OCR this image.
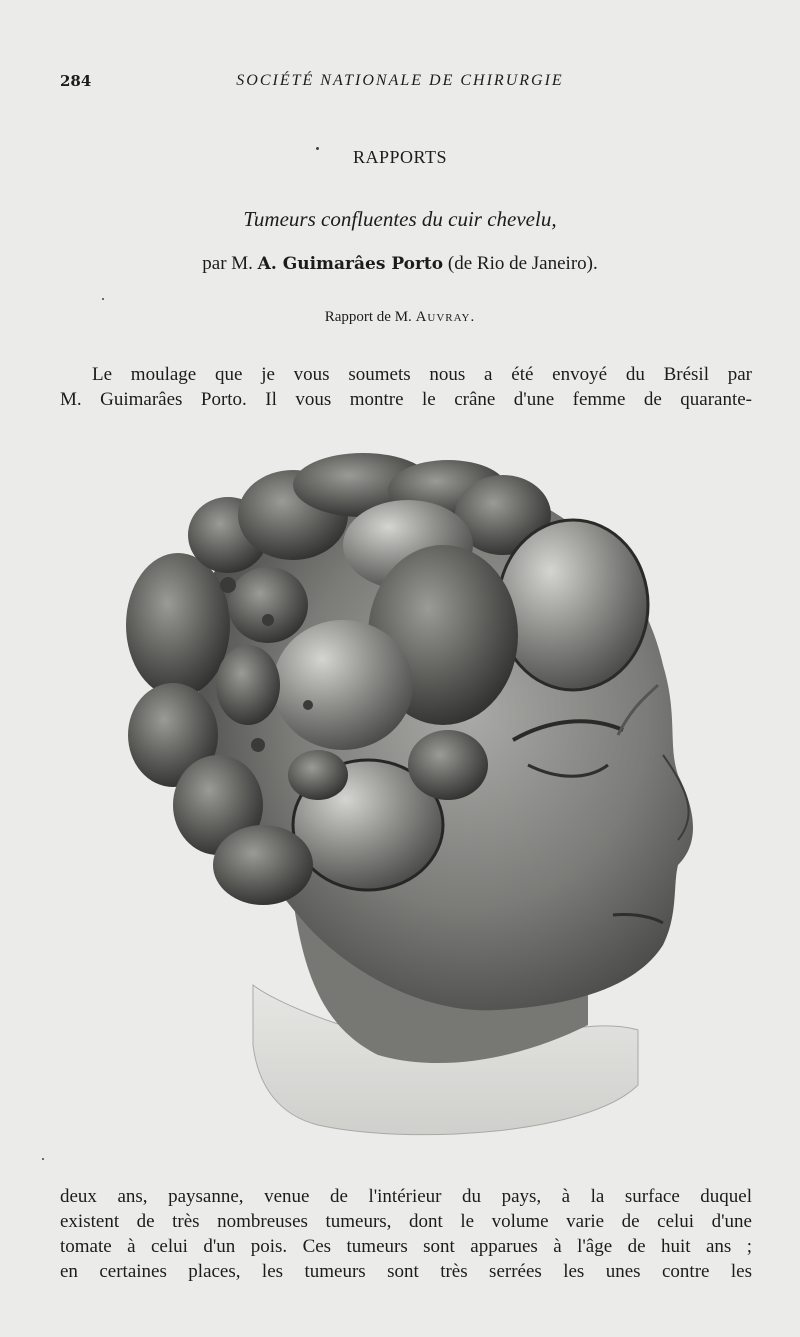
284	SOCIÉTÉ NATIONALE DE CHIRURGIE
RAPPORTS
Tumeurs confluentes du cuir chevelu,
par M. A. Guimarâes Porto (de Rio de Janeiro).
Rapport de M. Auvray.
Le moulage que je vous soumets nous a été envoyé du Brésil par
M. Guimarâes Porto. Il vous montre le crâne d'une femme de quarante-
deux ans, paysanne, venue de l'intérieur du pays, à la surface duquel
existent de très nombreuses tumeurs, dont le volume varie de celui d'une
tomate à celui d'un pois. Ces tumeurs sont apparues à l'âge de huit ans ;
en certaines places, les tumeurs sont très serrées les unes contre les
